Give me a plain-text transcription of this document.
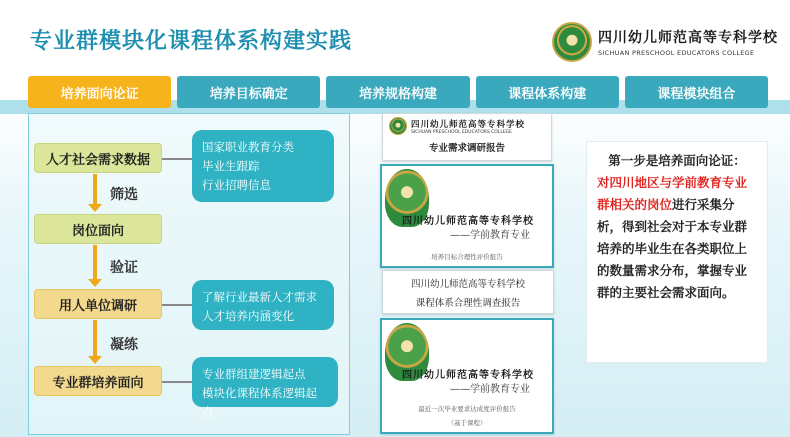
专业群模块化课程体系构建实践	四川幼儿师范高等专科学校
SICHUAN PRESCHOOL EDUCATORS COLLEGE
培养面向论证	培养目标确定	培养规格构建	课程体系构建	课程模块组合
人才社会需求数据
岗位面向
用人单位调研
专业群培养面向
筛选
验证
凝练
国家职业教育分类
毕业生跟踪
行业招聘信息
了解行业最新人才需求
人才培养内涵变化
专业群组建逻辑起点
模块化课程体系逻辑起点
四川幼儿师范高等专科学校
SICHUAN PRESCHOOL EDUCATORS COLLEGE
专业需求调研报告
四川幼儿师范高等专科学校
——学前教育专业
培养目标合理性评价报告
四川幼儿师范高等专科学校
课程体系合理性调查报告
四川幼儿师范高等专科学校
——学前教育专业
最近一次毕业要求达成度评价报告
（基于课程）
第一步是培养面向论证：
对四川地区与学前教育专业群相关的岗位进行采集分析，得到社会对于本专业群培养的毕业生在各类职位上的数量需求分布，掌握专业群的主要社会需求面向。
